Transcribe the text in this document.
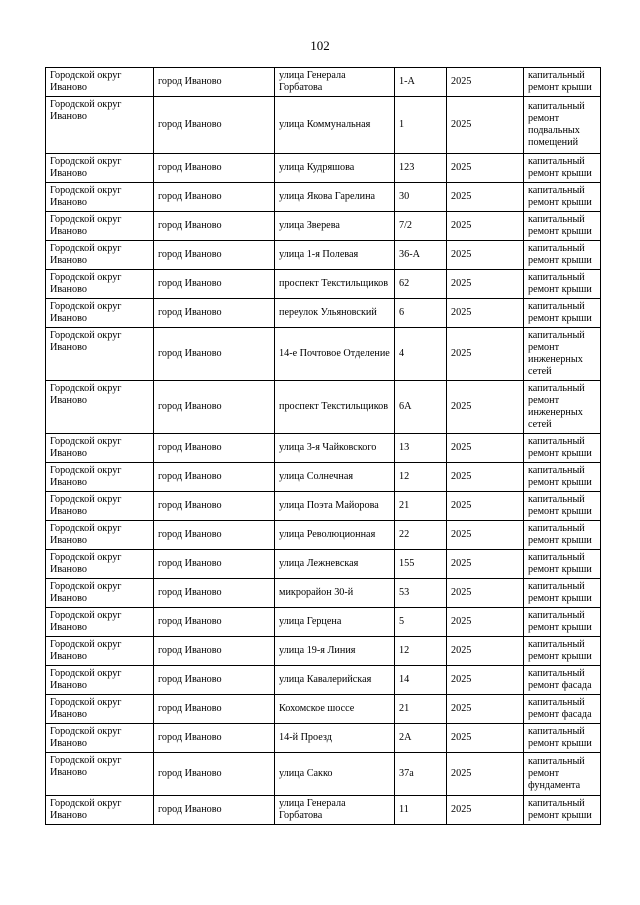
102
Городской округ Иваново	город Иваново	улица Генерала Горбатова	1-А	2025	капитальный ремонт крыши
Городской округ Иваново	город Иваново	улица Коммунальная	1	2025	капитальный ремонт подвальных помещений
Городской округ Иваново	город Иваново	улица Кудряшова	123	2025	капитальный ремонт крыши
Городской округ Иваново	город Иваново	улица Якова Гарелина	30	2025	капитальный ремонт крыши
Городской округ Иваново	город Иваново	улица Зверева	7/2	2025	капитальный ремонт крыши
Городской округ Иваново	город Иваново	улица 1-я Полевая	36-А	2025	капитальный ремонт крыши
Городской округ Иваново	город Иваново	проспект Текстильщиков	62	2025	капитальный ремонт крыши
Городской округ Иваново	город Иваново	переулок Ульяновский	6	2025	капитальный ремонт крыши
Городской округ Иваново	город Иваново	14-е Почтовое Отделение	4	2025	капитальный ремонт инженерных сетей
Городской округ Иваново	город Иваново	проспект Текстильщиков	6А	2025	капитальный ремонт инженерных сетей
Городской округ Иваново	город Иваново	улица 3-я Чайковского	13	2025	капитальный ремонт крыши
Городской округ Иваново	город Иваново	улица Солнечная	12	2025	капитальный ремонт крыши
Городской округ Иваново	город Иваново	улица Поэта Майорова	21	2025	капитальный ремонт крыши
Городской округ Иваново	город Иваново	улица Революционная	22	2025	капитальный ремонт крыши
Городской округ Иваново	город Иваново	улица Лежневская	155	2025	капитальный ремонт крыши
Городской округ Иваново	город Иваново	микрорайон 30-й	53	2025	капитальный ремонт крыши
Городской округ Иваново	город Иваново	улица Герцена	5	2025	капитальный ремонт крыши
Городской округ Иваново	город Иваново	улица 19-я Линия	12	2025	капитальный ремонт крыши
Городской округ Иваново	город Иваново	улица Кавалерийская	14	2025	капитальный ремонт фасада
Городской округ Иваново	город Иваново	Кохомское шоссе	21	2025	капитальный ремонт фасада
Городской округ Иваново	город Иваново	14-й Проезд	2А	2025	капитальный ремонт крыши
Городской округ Иваново	город Иваново	улица Сакко	37а	2025	капитальный ремонт фундамента
Городской округ Иваново	город Иваново	улица Генерала Горбатова	11	2025	капитальный ремонт крыши
